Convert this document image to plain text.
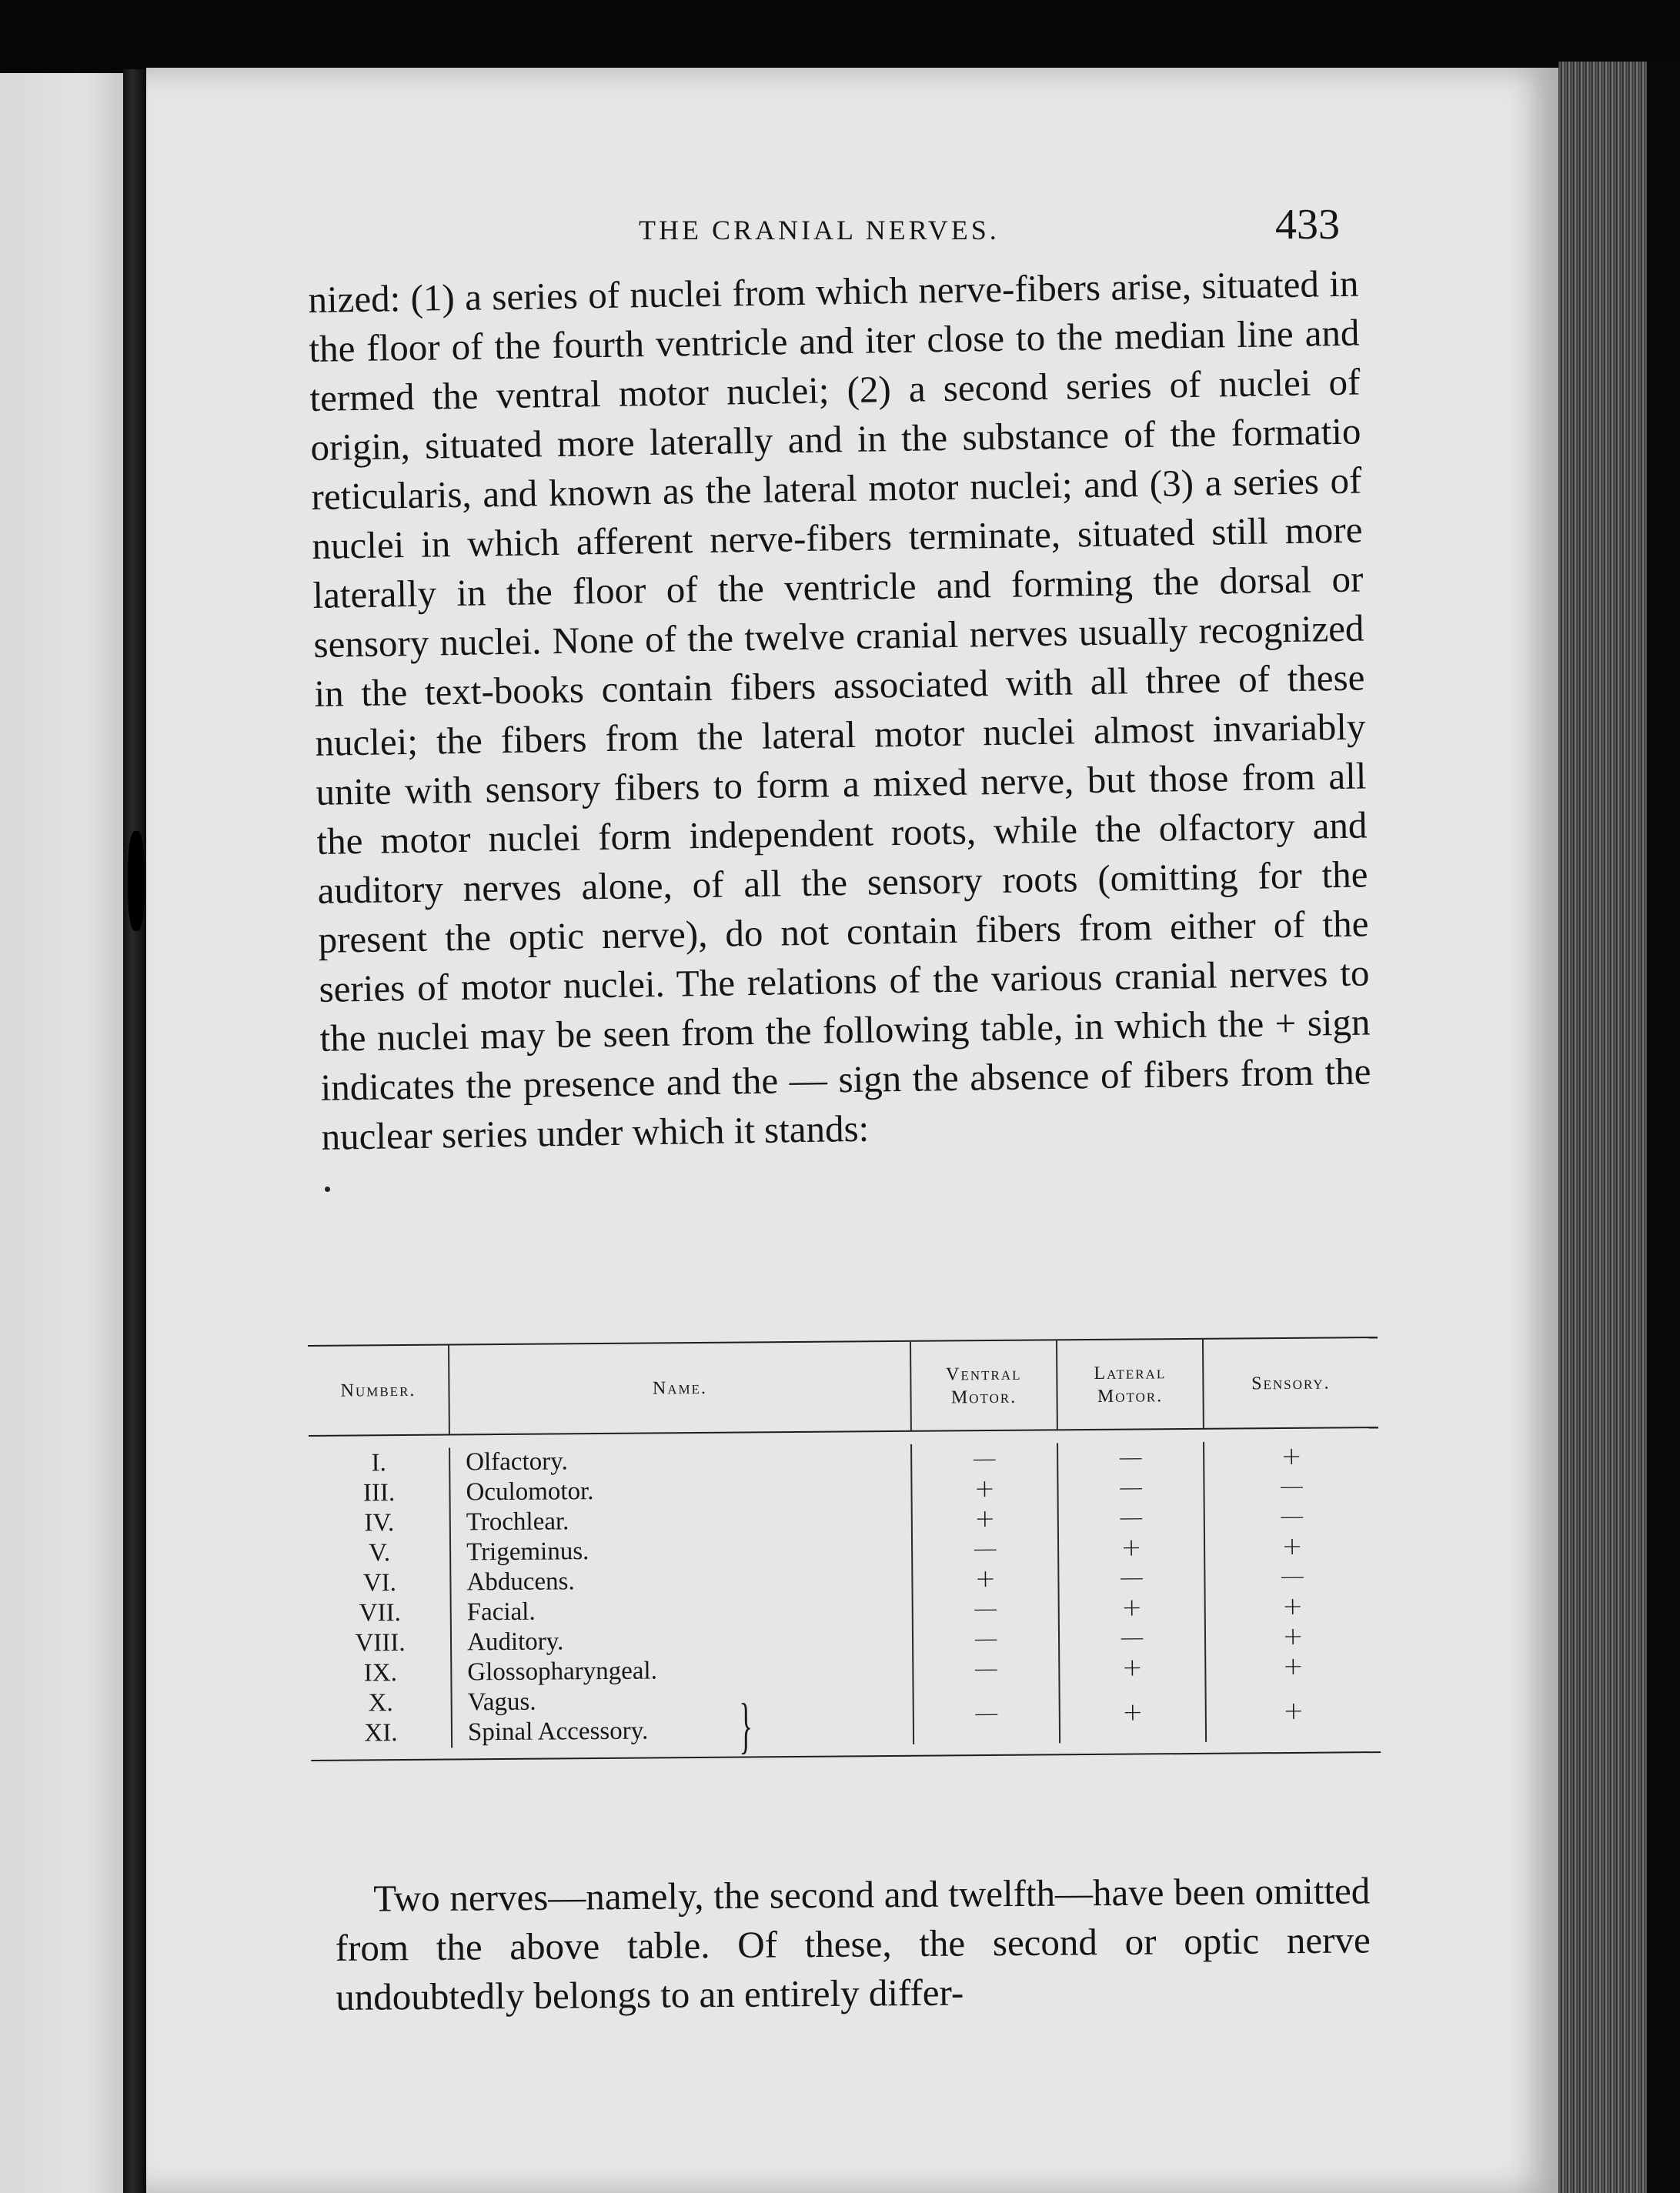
THE CRANIAL NERVES.	433

nized: (1) a series of nuclei from which nerve-fibers arise, situated in the floor of the fourth ventricle and iter close to the median line and termed the ventral motor nuclei; (2) a second series of nuclei of origin, situated more laterally and in the substance of the formatio reticularis, and known as the lateral motor nuclei; and (3) a series of nuclei in which afferent nerve-fibers terminate, situated still more laterally in the floor of the ventricle and forming the dorsal or sensory nuclei. None of the twelve cranial nerves usually recognized in the text-books contain fibers associated with all three of these nuclei; the fibers from the lateral motor nuclei almost invariably unite with sensory fibers to form a mixed nerve, but those from all the motor nuclei form independent roots, while the olfactory and auditory nerves alone, of all the sensory roots (omitting for the present the optic nerve), do not contain fibers from either of the series of motor nuclei. The relations of the various cranial nerves to the nuclei may be seen from the following table, in which the + sign indicates the presence and the — sign the absence of fibers from the nuclear series under which it stands:

Number.	Name.
Ventral
Motor.
Lateral
Motor.
Sensory.
I.
III.
IV.
V.
VI.
VII.
VIII.
IX.
X.
XI.
Olfactory.
Oculomotor.
Trochlear.
Trigeminus.
Abducens.
Facial.
Auditory.
Glossopharyngeal.
Vagus.
Spinal Accessory.
—
+
+
—
+
—
—
—
—
—
—
—
+
—
+
—
+
+
+
—
—
+
—
+
+
+
+

Two nerves—namely, the second and twelfth—have been omitted from the above table. Of these, the second or optic nerve undoubtedly belongs to an entirely differ-

}
